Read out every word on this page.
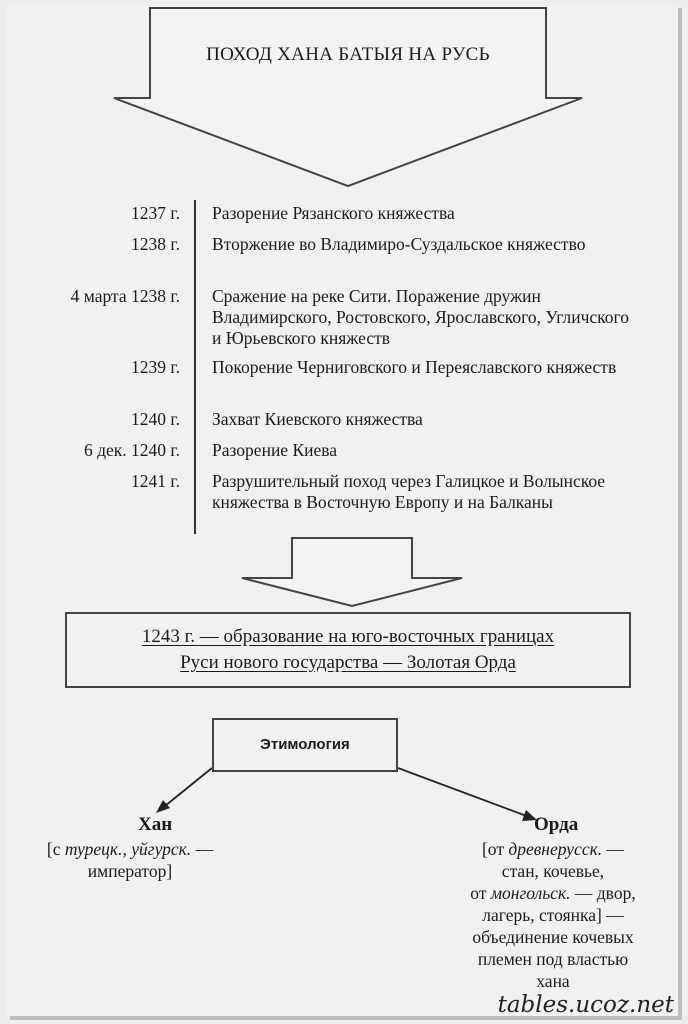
ПОХОД ХАНА БАТЫЯ НА РУСЬ
1237 г. Разорение Рязанского княжества
1238 г. Вторжение во Владимиро-Суздальское княжество
4 марта 1238 г. Сражение на реке Сити. Поражение дружин Владимирского, Ростовского, Ярославского, Угличского и Юрьевского княжеств
1239 г. Покорение Черниговского и Переяславского княжеств
1240 г. Захват Киевского княжества
6 дек. 1240 г. Разорение Киева
1241 г. Разрушительный поход через Галицкое и Волынское княжества в Восточную Европу и на Балканы
1243 г. — образование на юго-восточных границах
Руси нового государства — Золотая Орда
Этимология
Хан
[с турецк., уйгурск. —
император]
Орда
[от древнерусск. —
стан, кочевье,
от монгольск. — двор,
лагерь, стоянка] —
объединение кочевых
племен под властью
хана
tables.ucoz.net
